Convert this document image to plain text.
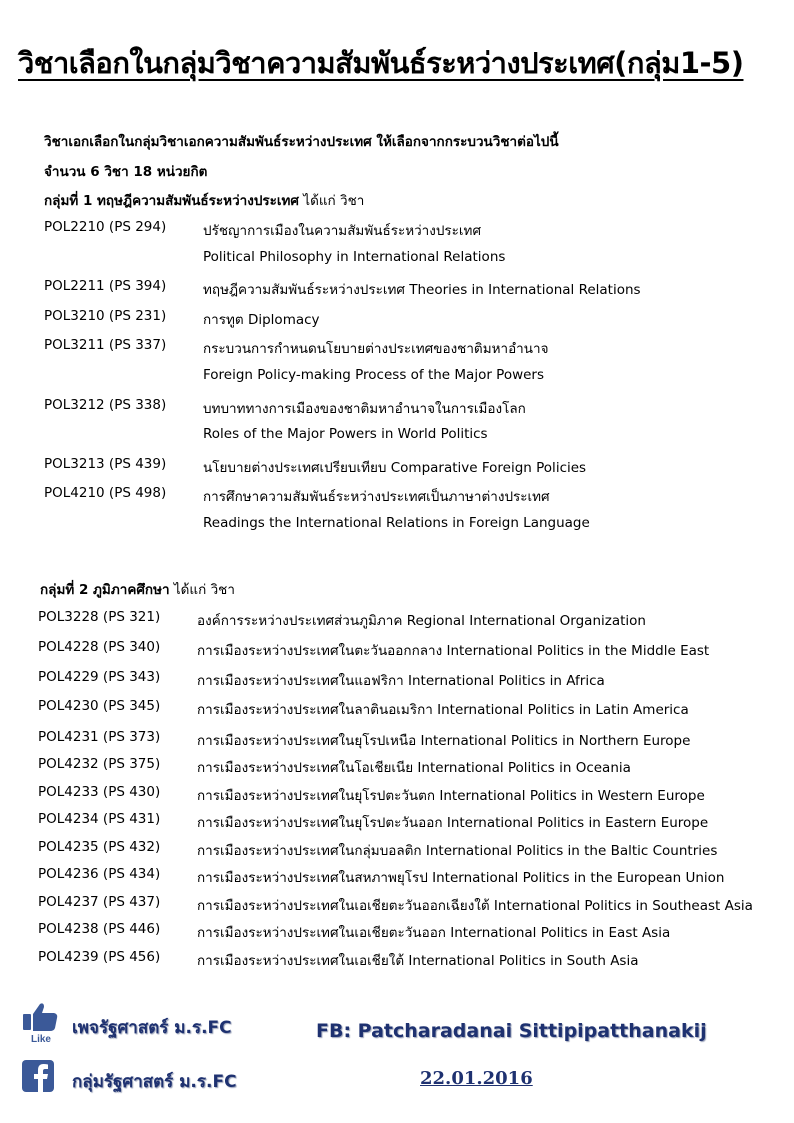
วิชาเลือกในกลุ่มวิชาความสัมพันธ์ระหว่างประเทศ(กลุ่ม1-5)
วิชาเอกเลือกในกลุ่มวิชาเอกความสัมพันธ์ระหว่างประเทศ ให้เลือกจากกระบวนวิชาต่อไปนี้
จำนวน 6 วิชา 18 หน่วยกิต
กลุ่มที่ 1 ทฤษฎีความสัมพันธ์ระหว่างประเทศ ได้แก่ วิชา
POL2210 (PS 294)	ปรัชญาการเมืองในความสัมพันธ์ระหว่างประเทศ
Political Philosophy in International Relations
POL2211 (PS 394)	ทฤษฎีความสัมพันธ์ระหว่างประเทศ Theories in International Relations
POL3210 (PS 231)	การทูต Diplomacy
POL3211 (PS 337)	กระบวนการกำหนดนโยบายต่างประเทศของชาติมหาอำนาจ
Foreign Policy-making Process of the Major Powers
POL3212 (PS 338)	บทบาททางการเมืองของชาติมหาอำนาจในการเมืองโลก
Roles of the Major Powers in World Politics
POL3213 (PS 439)	นโยบายต่างประเทศเปรียบเทียบ Comparative Foreign Policies
POL4210 (PS 498)	การศึกษาความสัมพันธ์ระหว่างประเทศเป็นภาษาต่างประเทศ
Readings the International Relations in Foreign Language
กลุ่มที่ 2 ภูมิภาคศึกษา ได้แก่ วิชา
POL3228 (PS 321)	องค์การระหว่างประเทศส่วนภูมิภาค Regional International Organization
POL4228 (PS 340)	การเมืองระหว่างประเทศในตะวันออกกลาง International Politics in the Middle East
POL4229 (PS 343)	การเมืองระหว่างประเทศในแอฟริกา International Politics in Africa
POL4230 (PS 345)	การเมืองระหว่างประเทศในลาตินอเมริกา International Politics in Latin America
POL4231 (PS 373)	การเมืองระหว่างประเทศในยุโรปเหนือ International Politics in Northern Europe
POL4232 (PS 375)	การเมืองระหว่างประเทศในโอเชียเนีย International Politics in Oceania
POL4233 (PS 430)	การเมืองระหว่างประเทศในยุโรปตะวันตก International Politics in Western Europe
POL4234 (PS 431)	การเมืองระหว่างประเทศในยุโรปตะวันออก International Politics in Eastern Europe
POL4235 (PS 432)	การเมืองระหว่างประเทศในกลุ่มบอลติก International Politics in the Baltic Countries
POL4236 (PS 434)	การเมืองระหว่างประเทศในสหภาพยุโรป International Politics in the European Union
POL4237 (PS 437)	การเมืองระหว่างประเทศในเอเชียตะวันออกเฉียงใต้ International Politics in Southeast Asia
POL4238 (PS 446)	การเมืองระหว่างประเทศในเอเชียตะวันออก International Politics in East Asia
POL4239 (PS 456)	การเมืองระหว่างประเทศในเอเชียใต้ International Politics in South Asia
Like
เพจรัฐศาสตร์ ม.ร.FC
กลุ่มรัฐศาสตร์ ม.ร.FC
FB: Patcharadanai Sittipipatthanakij
22.01.2016
